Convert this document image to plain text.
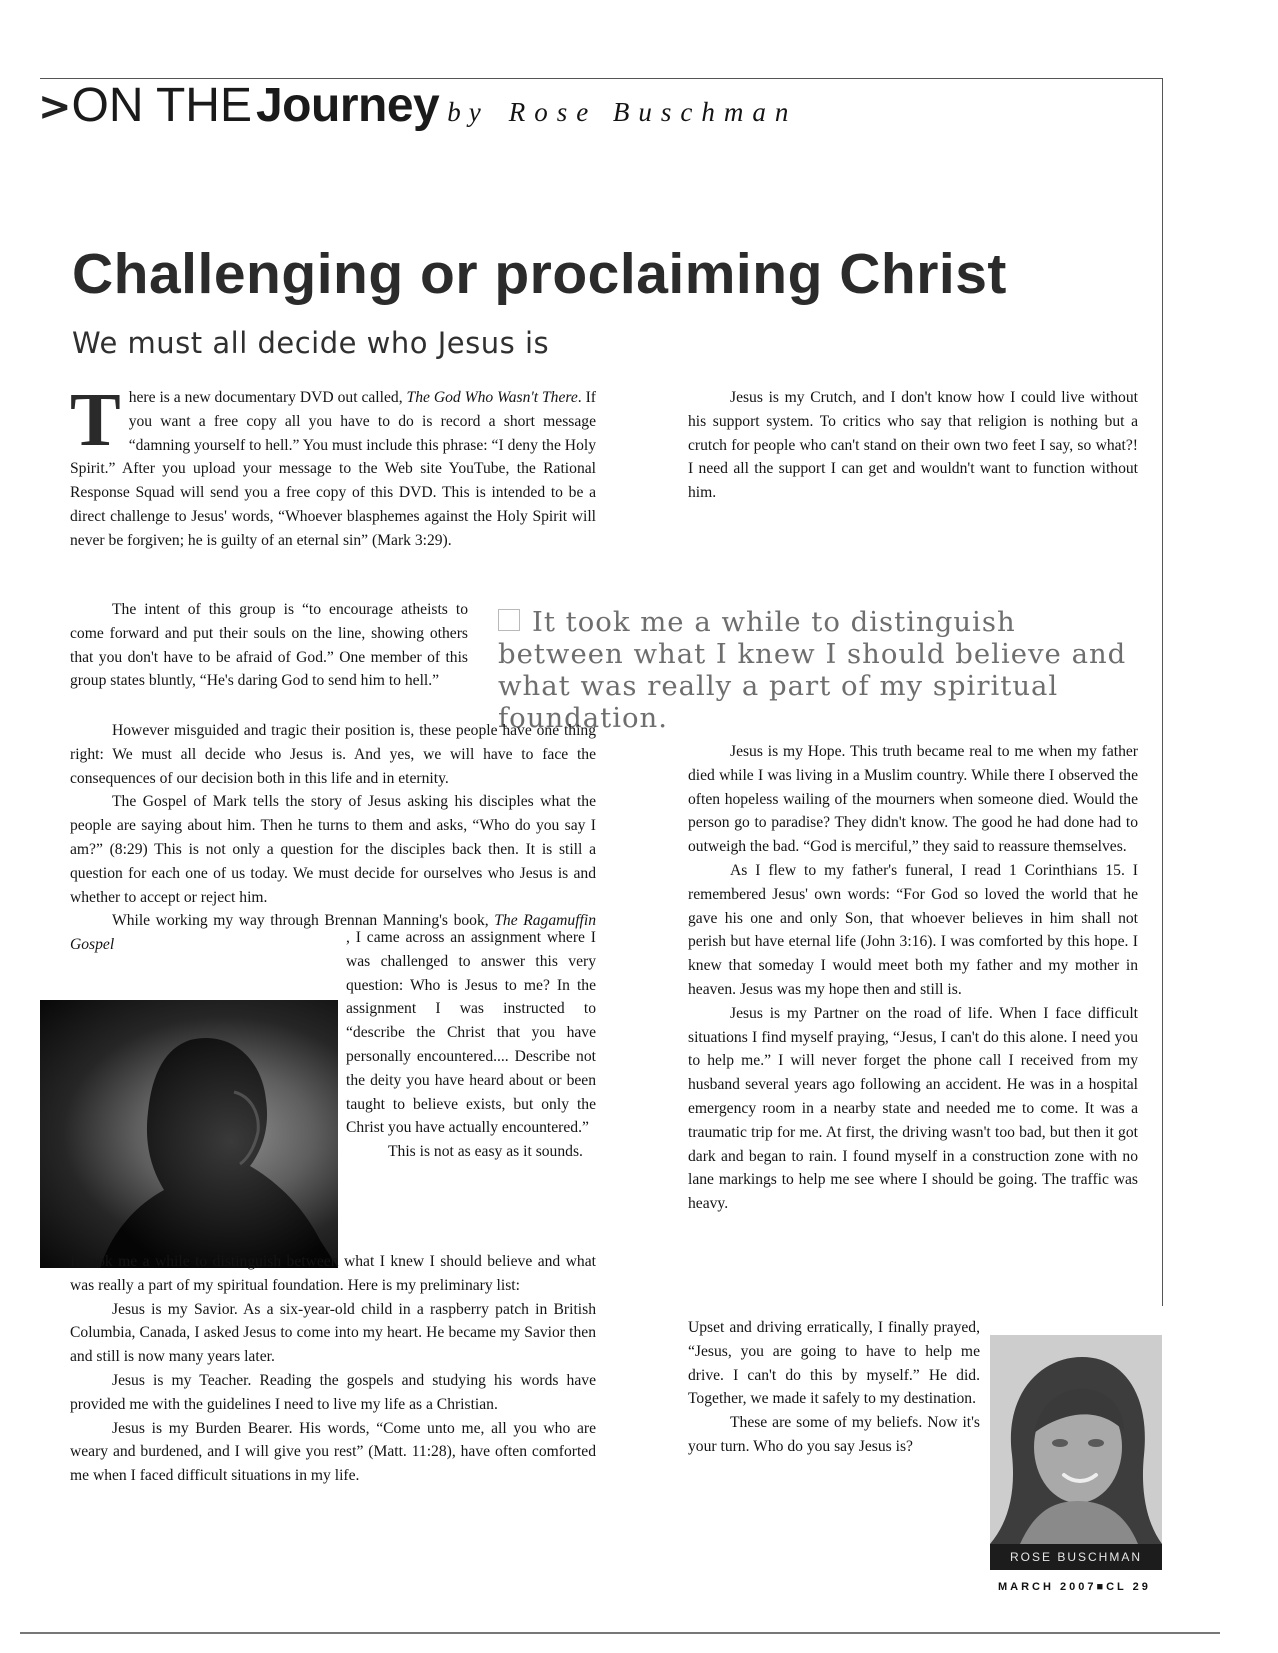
>ON THE Journey by Rose Buschman
Challenging or proclaiming Christ
We must all decide who Jesus is

There is a new documentary DVD out called, The God Who Wasn't There. If you want a free copy all you have to do is record a short message “damning yourself to hell.” You must include this phrase: “I deny the Holy Spirit.” After you upload your message to the Web site YouTube, the Rational Response Squad will send you a free copy of this DVD. This is intended to be a direct challenge to Jesus' words, “Whoever blasphemes against the Holy Spirit will never be forgiven; he is guilty of an eternal sin” (Mark 3:29).

The intent of this group is “to encourage atheists to come forward and put their souls on the line, showing others that you don't have to be afraid of God.” One member of this group states bluntly, “He's daring God to send him to hell.”

It took me a while to distinguish between what I knew I should believe and what was really a part of my spiritual foundation.

However misguided and tragic their position is, these people have one thing right: We must all decide who Jesus is. And yes, we will have to face the consequences of our decision both in this life and in eternity.

The Gospel of Mark tells the story of Jesus asking his disciples what the people are saying about him. Then he turns to them and asks, “Who do you say I am?” (8:29) This is not only a question for the disciples back then. It is still a question for each one of us today. We must decide for ourselves who Jesus is and whether to accept or reject him.

While working my way through Brennan Manning's book, The Ragamuffin Gospel	, I came across an assignment where I was challenged to answer this very question: Who is Jesus to me? In the assignment I was instructed to “describe the Christ that you have personally encountered.... Describe not the deity you have heard about or been taught to believe exists, but only the Christ you have actually encountered.”

This is not as easy as it sounds.

It took me a while to distinguish between what I knew I should believe and what was really a part of my spiritual foundation. Here is my preliminary list:

Jesus is my Savior. As a six-year-old child in a raspberry patch in British Columbia, Canada, I asked Jesus to come into my heart. He became my Savior then and still is now many years later.

Jesus is my Teacher. Reading the gospels and studying his words have provided me with the guidelines I need to live my life as a Christian.

Jesus is my Burden Bearer. His words, “Come unto me, all you who are weary and burdened, and I will give you rest” (Matt. 11:28), have often comforted me when I faced difficult situations in my life.

Jesus is my Crutch, and I don't know how I could live without his support system. To critics who say that religion is nothing but a crutch for people who can't stand on their own two feet I say, so what?! I need all the support I can get and wouldn't want to function without him.

Jesus is my Hope. This truth became real to me when my father died while I was living in a Muslim country. While there I observed the often hopeless wailing of the mourners when someone died. Would the person go to paradise? They didn't know. The good he had done had to outweigh the bad. “God is merciful,” they said to reassure themselves.

As I flew to my father's funeral, I read 1 Corinthians 15. I remembered Jesus' own words: “For God so loved the world that he gave his one and only Son, that whoever believes in him shall not perish but have eternal life (John 3:16). I was comforted by this hope. I knew that someday I would meet both my father and my mother in heaven. Jesus was my hope then and still is.

Jesus is my Partner on the road of life. When I face difficult situations I find myself praying, “Jesus, I can't do this alone. I need you to help me.” I will never forget the phone call I received from my husband several years ago following an accident. He was in a hospital emergency room in a nearby state and needed me to come. It was a traumatic trip for me. At first, the driving wasn't too bad, but then it got dark and began to rain. I found myself in a construction zone with no lane markings to help me see where I should be going. The traffic was heavy.

Upset and driving erratically, I finally prayed, “Jesus, you are going to have to help me drive. I can't do this by myself.” He did. Together, we made it safely to my destination.

These are some of my beliefs. Now it's your turn. Who do you say Jesus is?

ROSE BUSCHMAN
MARCH 2007■CL 29
